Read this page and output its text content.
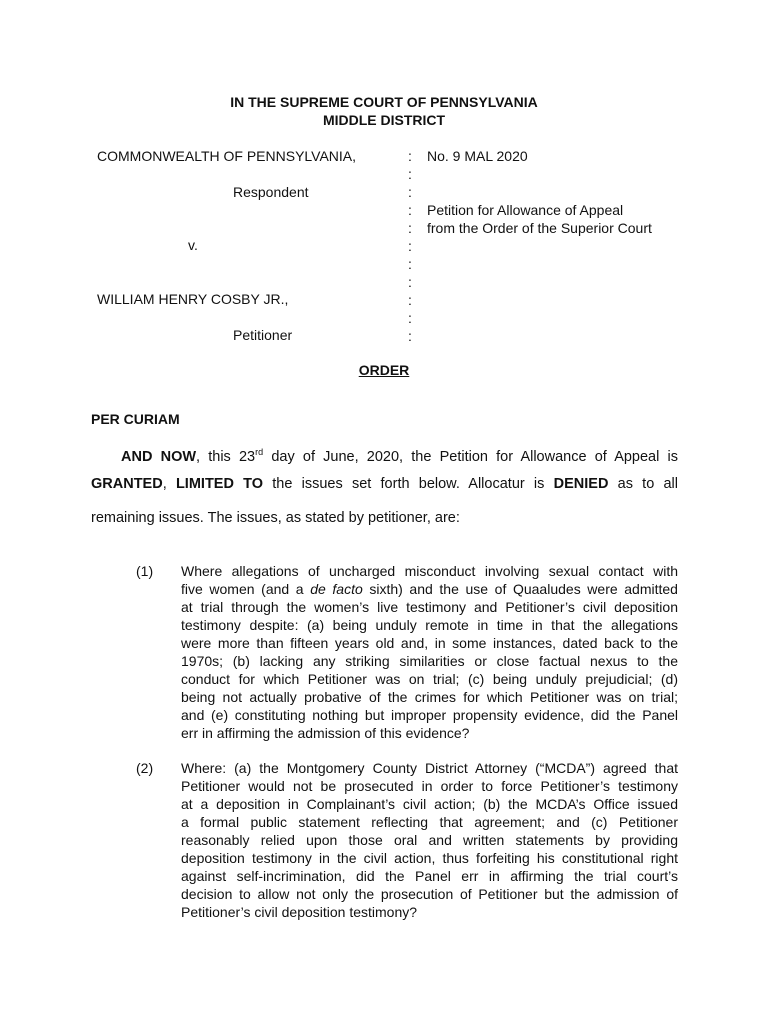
IN THE SUPREME COURT OF PENNSYLVANIA
MIDDLE DISTRICT
COMMONWEALTH OF PENNSYLVANIA,
Respondent
v.
WILLIAM HENRY COSBY JR.,
Petitioner
:
:
:
:
:
:
:
:
:
:
:
No. 9 MAL 2020
Petition for Allowance of Appeal
from the Order of the Superior Court
ORDER
PER CURIAM
AND NOW, this 23rd day of June, 2020, the Petition for Allowance of Appeal is
GRANTED, LIMITED TO the issues set forth below. Allocatur is DENIED as to all
remaining issues. The issues, as stated by petitioner, are:
(1) Where allegations of uncharged misconduct involving sexual contact with
five women (and a de facto sixth) and the use of Quaaludes were admitted
at trial through the women’s live testimony and Petitioner’s civil deposition
testimony despite: (a) being unduly remote in time in that the allegations
were more than fifteen years old and, in some instances, dated back to the
1970s; (b) lacking any striking similarities or close factual nexus to the
conduct for which Petitioner was on trial; (c) being unduly prejudicial; (d)
being not actually probative of the crimes for which Petitioner was on trial;
and (e) constituting nothing but improper propensity evidence, did the Panel
err in affirming the admission of this evidence?
(2) Where: (a) the Montgomery County District Attorney (“MCDA”) agreed that
Petitioner would not be prosecuted in order to force Petitioner’s testimony
at a deposition in Complainant’s civil action; (b) the MCDA’s Office issued
a formal public statement reflecting that agreement; and (c) Petitioner
reasonably relied upon those oral and written statements by providing
deposition testimony in the civil action, thus forfeiting his constitutional right
against self-incrimination, did the Panel err in affirming the trial court’s
decision to allow not only the prosecution of Petitioner but the admission of
Petitioner’s civil deposition testimony?
